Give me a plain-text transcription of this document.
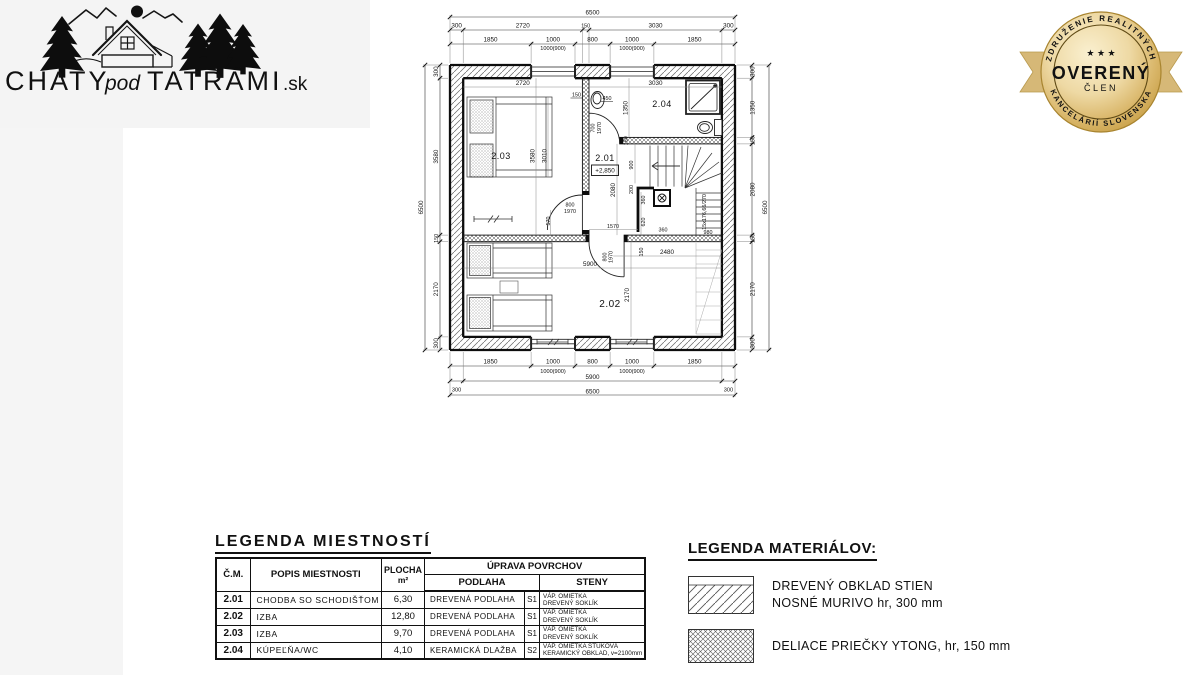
CHATY
pod TATRAMI .sk
ZDRUŽENIE REALITNÝCH
★ ★ ★
OVERENÝ
ČLEN
KANCELÁRIÍ SLOVENSKA
6500
300	2720	150	3030	300
1850	1000	800	1000	1850
1000(900)	1000(900)
1850	1000	800	1000	1850
1000(900)	1000(900)
5900
300	300
6500
6500
300
3580
150
2170
300
6500
300
1350
150
2080
150
2170
300
2720	3030
150
450
3580 3010
1350
150
700 1970
2080
900
200
360
620
1570
360	980
15x176,66/270
800
1970
570
5900
2480
2170
800 1970	150
2.03
2.04
2.01
+2,850
2.02
LEGENDA MIESTNOSTÍ
Č.M.	POPIS MIESTNOSTI	PLOCHA
m²	ÚPRAVA POVRCHOV		
			PODLAHA		STENY
2.01	CHODBA SO SCHODIŠŤOM	6,30	DREVENÁ PODLAHA	S1	VÁP. OMIETKA
DREVENÝ SOKLÍK

2.02	IZBA	12,80	DREVENÁ PODLAHA	S1	VÁP. OMIETKA
DREVENÝ SOKLÍK

2.03	IZBA	9,70	DREVENÁ PODLAHA	S1	VÁP. OMIETKA
DREVENÝ SOKLÍK

2.04	KÚPEĽŇA/WC	4,10	KERAMICKÁ DLAŽBA	S2	VÁP. OMIETKA ŠTUKOVÁ
KERAMICKÝ OBKLAD, v=2100mm
LEGENDA MATERIÁLOV:
DREVENÝ OBKLAD STIEN
NOSNÉ MURIVO hr, 300 mm
DELIACE PRIEČKY YTONG, hr, 150 mm
